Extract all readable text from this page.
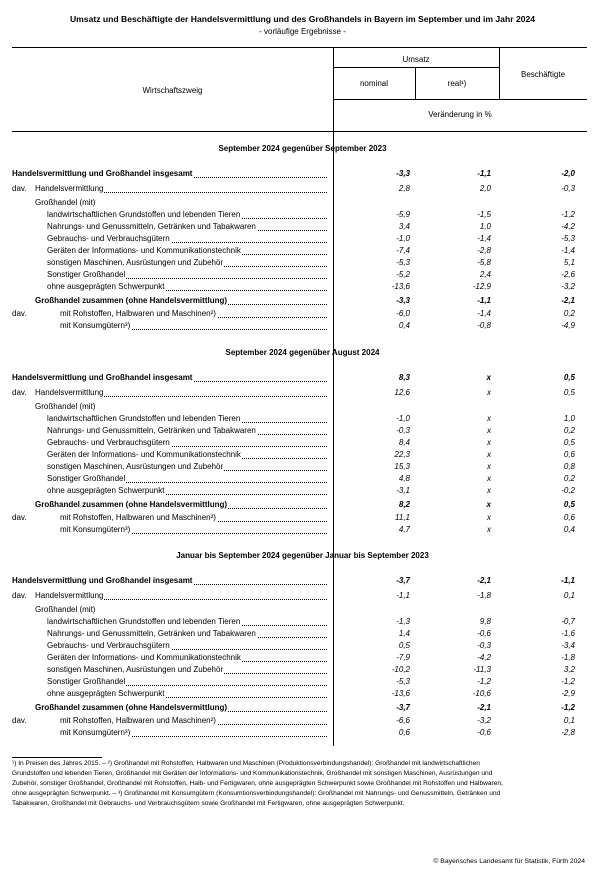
Umsatz und Beschäftigte der Handelsvermittlung und des Großhandels in Bayern im September und im Jahr 2024
- vorläufige Ergebnisse -
Wirtschaftszweig
Umsatz
nominal	real¹)
Beschäftigte
Veränderung in %
September 2024 gegenüber September 2023
Handelsvermittlung und Großhandel insgesamt	-3,3	-1,1	-2,0
dav. Handelsvermittlung	2,8	2,0	-0,3
Großhandel (mit)
landwirtschaftlichen Grundstoffen und lebenden Tieren	-5,9	-1,5	-1,2
Nahrungs- und Genussmitteln, Getränken und Tabakwaren	3,4	1,0	-4,2
Gebrauchs- und Verbrauchsgütern	-1,0	-1,4	-5,3
Geräten der Informations- und Kommunikationstechnik	-7,4	-2,8	-1,4
sonstigen Maschinen, Ausrüstungen und Zubehör	-5,3	-5,8	5,1
Sonstiger Großhandel	-5,2	2,4	-2,6
ohne ausgeprägten Schwerpunkt	-13,6	-12,9	-3,2
Großhandel zusammen (ohne Handelsvermittlung)	-3,3	-1,1	-2,1
dav.	mit Rohstoffen, Halbwaren und Maschinen²)	-6,0	-1,4	0,2
mit Konsumgütern³)	0,4	-0,8	-4,9
September 2024 gegenüber August 2024
Handelsvermittlung und Großhandel insgesamt	8,3	x	0,5
dav. Handelsvermittlung	12,6	x	0,5
Großhandel (mit)
landwirtschaftlichen Grundstoffen und lebenden Tieren	-1,0	x	1,0
Nahrungs- und Genussmitteln, Getränken und Tabakwaren	-0,3	x	0,2
Gebrauchs- und Verbrauchsgütern	8,4	x	0,5
Geräten der Informations- und Kommunikationstechnik	22,3	x	0,6
sonstigen Maschinen, Ausrüstungen und Zubehör	15,3	x	0,8
Sonstiger Großhandel	4,8	x	0,2
ohne ausgeprägten Schwerpunkt	-3,1	x	-0,2
Großhandel zusammen (ohne Handelsvermittlung)	8,2	x	0,5
dav.	mit Rohstoffen, Halbwaren und Maschinen²)	11,1	x	0,6
mit Konsumgütern³)	4,7	x	0,4
Januar bis September 2024 gegenüber Januar bis September 2023
Handelsvermittlung und Großhandel insgesamt	-3,7	-2,1	-1,1
dav. Handelsvermittlung	-1,1	-1,8	0,1
Großhandel (mit)
landwirtschaftlichen Grundstoffen und lebenden Tieren	-1,3	9,8	-0,7
Nahrungs- und Genussmitteln, Getränken und Tabakwaren	1,4	-0,6	-1,6
Gebrauchs- und Verbrauchsgütern	0,5	-0,3	-3,4
Geräten der Informations- und Kommunikationstechnik	-7,9	-4,2	-1,8
sonstigen Maschinen, Ausrüstungen und Zubehör	-10,2	-11,3	3,2
Sonstiger Großhandel	-5,3	-1,2	-1,2
ohne ausgeprägten Schwerpunkt	-13,6	-10,6	-2,9
Großhandel zusammen (ohne Handelsvermittlung)	-3,7	-2,1	-1,2
dav.	mit Rohstoffen, Halbwaren und Maschinen²)	-6,6	-3,2	0,1
mit Konsumgütern³)	0,6	-0,6	-2,8
¹) In Preisen des Jahres 2015. – ²) Großhandel mit Rohstoffen, Halbwaren und Maschinen (Produktionsverbindungshandel): Großhandel mit landwirtschaftlichen
Grundstoffen und lebenden Tieren, Großhandel mit Geräten der Informations- und Kommunikationstechnik, Großhandel mit sonstigen Maschinen, Ausrüstungen und
Zubehör, sonstiger Großhandel, Großhandel mit Rohstoffen, Halb- und Fertigwaren, ohne ausgeprägten Schwerpunkt sowie Großhandel mit Rohstoffen und Halbwaren,
ohne ausgeprägten Schwerpunkt. – ³) Großhandel mit Konsumgütern (Konsumtionsverbindungshandel): Großhandel mit Nahrungs- und Genussmitteln, Getränken und
Tabakwaren, Großhandel mit Gebrauchs- und Verbrauchsgütern sowie Großhandel mit Fertigwaren, ohne ausgeprägten Schwerpunkt.
© Bayerisches Landesamt für Statistik, Fürth 2024
